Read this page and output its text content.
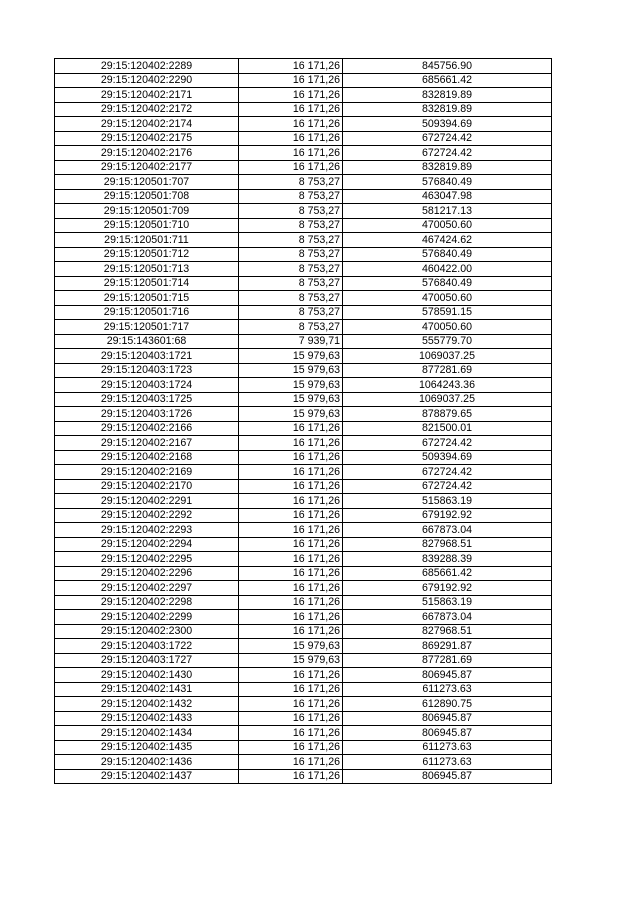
29:15:120402:2289	16 171,26	845756.90
29:15:120402:2290	16 171,26	685661.42
29:15:120402:2171	16 171,26	832819.89
29:15:120402:2172	16 171,26	832819.89
29:15:120402:2174	16 171,26	509394.69
29:15:120402:2175	16 171,26	672724.42
29:15:120402:2176	16 171,26	672724.42
29:15:120402:2177	16 171,26	832819.89
29:15:120501:707	8 753,27	576840.49
29:15:120501:708	8 753,27	463047.98
29:15:120501:709	8 753,27	581217.13
29:15:120501:710	8 753,27	470050.60
29:15:120501:711	8 753,27	467424.62
29:15:120501:712	8 753,27	576840.49
29:15:120501:713	8 753,27	460422.00
29:15:120501:714	8 753,27	576840.49
29:15:120501:715	8 753,27	470050.60
29:15:120501:716	8 753,27	578591.15
29:15:120501:717	8 753,27	470050.60
29:15:143601:68	7 939,71	555779.70
29:15:120403:1721	15 979,63	1069037.25
29:15:120403:1723	15 979,63	877281.69
29:15:120403:1724	15 979,63	1064243.36
29:15:120403:1725	15 979,63	1069037.25
29:15:120403:1726	15 979,63	878879.65
29:15:120402:2166	16 171,26	821500.01
29:15:120402:2167	16 171,26	672724.42
29:15:120402:2168	16 171,26	509394.69
29:15:120402:2169	16 171,26	672724.42
29:15:120402:2170	16 171,26	672724.42
29:15:120402:2291	16 171,26	515863.19
29:15:120402:2292	16 171,26	679192.92
29:15:120402:2293	16 171,26	667873.04
29:15:120402:2294	16 171,26	827968.51
29:15:120402:2295	16 171,26	839288.39
29:15:120402:2296	16 171,26	685661.42
29:15:120402:2297	16 171,26	679192.92
29:15:120402:2298	16 171,26	515863.19
29:15:120402:2299	16 171,26	667873.04
29:15:120402:2300	16 171,26	827968.51
29:15:120403:1722	15 979,63	869291.87
29:15:120403:1727	15 979,63	877281.69
29:15:120402:1430	16 171,26	806945.87
29:15:120402:1431	16 171,26	611273.63
29:15:120402:1432	16 171,26	612890.75
29:15:120402:1433	16 171,26	806945.87
29:15:120402:1434	16 171,26	806945.87
29:15:120402:1435	16 171,26	611273.63
29:15:120402:1436	16 171,26	611273.63
29:15:120402:1437	16 171,26	806945.87
